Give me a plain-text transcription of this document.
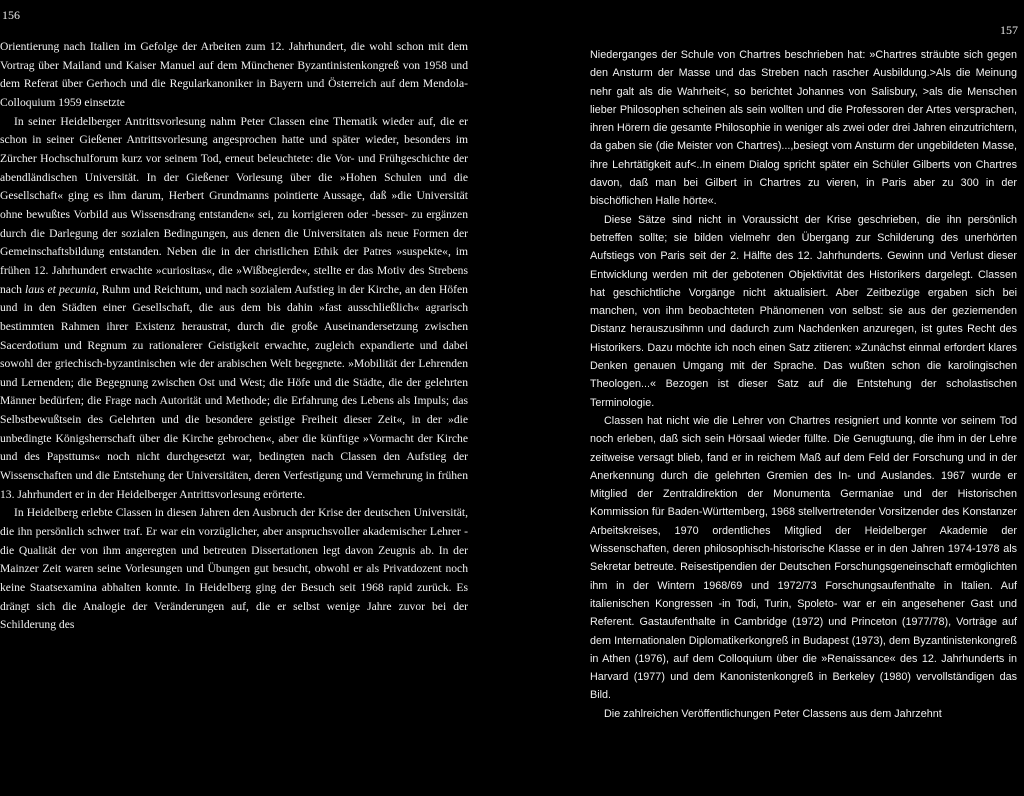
156

Orientierung nach Italien im Gefolge der Arbeiten zum 12. Jahrhundert, die wohl schon mit dem Vortrag über Mailand und Kaiser Manuel auf dem Münchener Byzantinistenkongreß von 1958 und dem Referat über Gerhoch und die Regularkanoniker in Bayern und Österreich auf dem Mendola-Colloquium 1959 einsetzte

In seiner Heidelberger Antrittsvorlesung nahm Peter Classen eine Thematik wieder auf, die er schon in seiner Gießener Antrittsvorlesung angesprochen hatte und später wieder, besonders im Zürcher Hochschulforum kurz vor seinem Tod, erneut beleuchtete: die Vor- und Frühgeschichte der abendländischen Universität. In der Gießener Vorlesung über die »Hohen Schulen und die Gesellschaft« ging es ihm darum, Herbert Grundmanns pointierte Aussage, daß »die Universität ohne bewußtes Vorbild aus Wissensdrang entstanden« sei, zu korrigieren oder -besser- zu ergänzen durch die Darlegung der sozialen Bedingungen, aus denen die Universitaten als neue Formen der Gemeinschaftsbildung entstanden. Neben die in der christlichen Ethik der Patres »suspekte«, im frühen 12. Jahrhundert erwachte »curiositas«, die »Wißbegierde«, stellte er das Motiv des Strebens nach laus et pecunia, Ruhm und Reichtum, und nach sozialem Aufstieg in der Kirche, an den Höfen und in den Städten einer Gesellschaft, die aus dem bis dahin »fast ausschließlich« agrarisch bestimmten Rahmen ihrer Existenz heraustrat, durch die große Auseinandersetzung zwischen Sacerdotium und Regnum zu rationalerer Geistigkeit erwachte, zugleich expandierte und dabei sowohl der griechisch-byzantinischen wie der arabischen Welt begegnete. »Mobilität der Lehrenden und Lernenden; die Begegnung zwischen Ost und West; die Höfe und die Städte, die der gelehrten Männer bedürfen; die Frage nach Autorität und Methode; die Erfahrung des Lebens als Impuls; das Selbstbewußtsein des Gelehrten und die besondere geistige Freiheit dieser Zeit«, in der »die unbedingte Königsherrschaft über die Kirche gebrochen«, aber die künftige »Vormacht der Kirche und des Papsttums« noch nicht durchgesetzt war, bedingten nach Classen den Aufstieg der Wissenschaften und die Entstehung der Universitäten, deren Verfestigung und Vermehrung in frühen 13. Jahrhundert er in der Heidelberger Antrittsvorlesung erörterte.

In Heidelberg erlebte Classen in diesen Jahren den Ausbruch der Krise der deutschen Universität, die ihn persönlich schwer traf. Er war ein vorzüglicher, aber anspruchsvoller akademischer Lehrer - die Qualität der von ihm angeregten und betreuten Dissertationen legt davon Zeugnis ab. In der Mainzer Zeit waren seine Vorlesungen und Übungen gut besucht, obwohl er als Privatdozent noch keine Staatsexamina abhalten konnte. In Heidelberg ging der Besuch seit 1968 rapid zurück. Es drängt sich die Analogie der Veränderungen auf, die er selbst wenige Jahre zuvor bei der Schilderung des

157

Niederganges der Schule von Chartres beschrieben hat: »Chartres sträubte sich gegen den Ansturm der Masse und das Streben nach rascher Ausbildung.>Als die Meinung nehr galt als die Wahrheit<, so berichtet Johannes von Salisbury, >als die Menschen lieber Philosophen scheinen als sein wollten und die Professoren der Artes versprachen, ihren Hörern die gesamte Philosophie in weniger als zwei oder drei Jahren einzutrichtern, da gaben sie (die Meister von Chartres)...,besiegt vom Ansturm der ungebildeten Masse, ihre Lehrtätigkeit auf<..In einem Dialog spricht später ein Schüler Gilberts von Chartres davon, daß man bei Gilbert in Chartres zu vieren, in Paris aber zu 300 in der bischöflichen Halle hörte«.

Diese Sätze sind nicht in Voraussicht der Krise geschrieben, die ihn persönlich betreffen sollte; sie bilden vielmehr den Übergang zur Schilderung des unerhörten Aufstiegs von Paris seit der 2. Hälfte des 12. Jahrhunderts. Gewinn und Verlust dieser Entwicklung werden mit der gebotenen Objektivität des Historikers dargelegt. Classen hat geschichtliche Vorgänge nicht aktualisiert. Aber Zeitbezüge ergaben sich bei manchen, von ihm beobachteten Phänomenen von selbst: sie aus der geziemenden Distanz herauszusihmn und dadurch zum Nachdenken anzuregen, ist gutes Recht des Historikers. Dazu möchte ich noch einen Satz zitieren: »Zunächst einmal erfordert klares Denken genauen Umgang mit der Sprache. Das wußten schon die karolingischen Theologen...« Bezogen ist dieser Satz auf die Entstehung der scholastischen Terminologie.

Classen hat nicht wie die Lehrer von Chartres resigniert und konnte vor seinem Tod noch erleben, daß sich sein Hörsaal wieder füllte. Die Genugtuung, die ihm in der Lehre zeitweise versagt blieb, fand er in reichem Maß auf dem Feld der Forschung und in der Anerkennung durch die gelehrten Gremien des In- und Auslandes. 1967 wurde er Mitglied der Zentraldirektion der Monumenta Germaniae und der Historischen Kommission für Baden-Württemberg, 1968 stellvertretender Vorsitzender des Konstanzer Arbeitskreises, 1970 ordentliches Mitglied der Heidelberger Akademie der Wissenschaften, deren philosophisch-historische Klasse er in den Jahren 1974-1978 als Sekretar betreute. Reisestipendien der Deutschen Forschungsgeneinschaft ermöglichten ihm in der Wintern 1968/69 und 1972/73 Forschungsaufenthalte in Italien. Auf italienischen Kongressen -in Todi, Turin, Spoleto- war er ein angesehener Gast und Referent. Gastaufenthalte in Cambridge (1972) und Princeton (1977/78), Vorträge auf dem Internationalen Diplomatikerkongreß in Budapest (1973), dem Byzantinistenkongreß in Athen (1976), auf dem Colloquium über die »Renaissance« des 12. Jahrhunderts in Harvard (1977) und dem Kanonistenkongreß in Berkeley (1980) vervollständigen das Bild.

Die zahlreichen Veröffentlichungen Peter Classens aus dem Jahrzehnt
